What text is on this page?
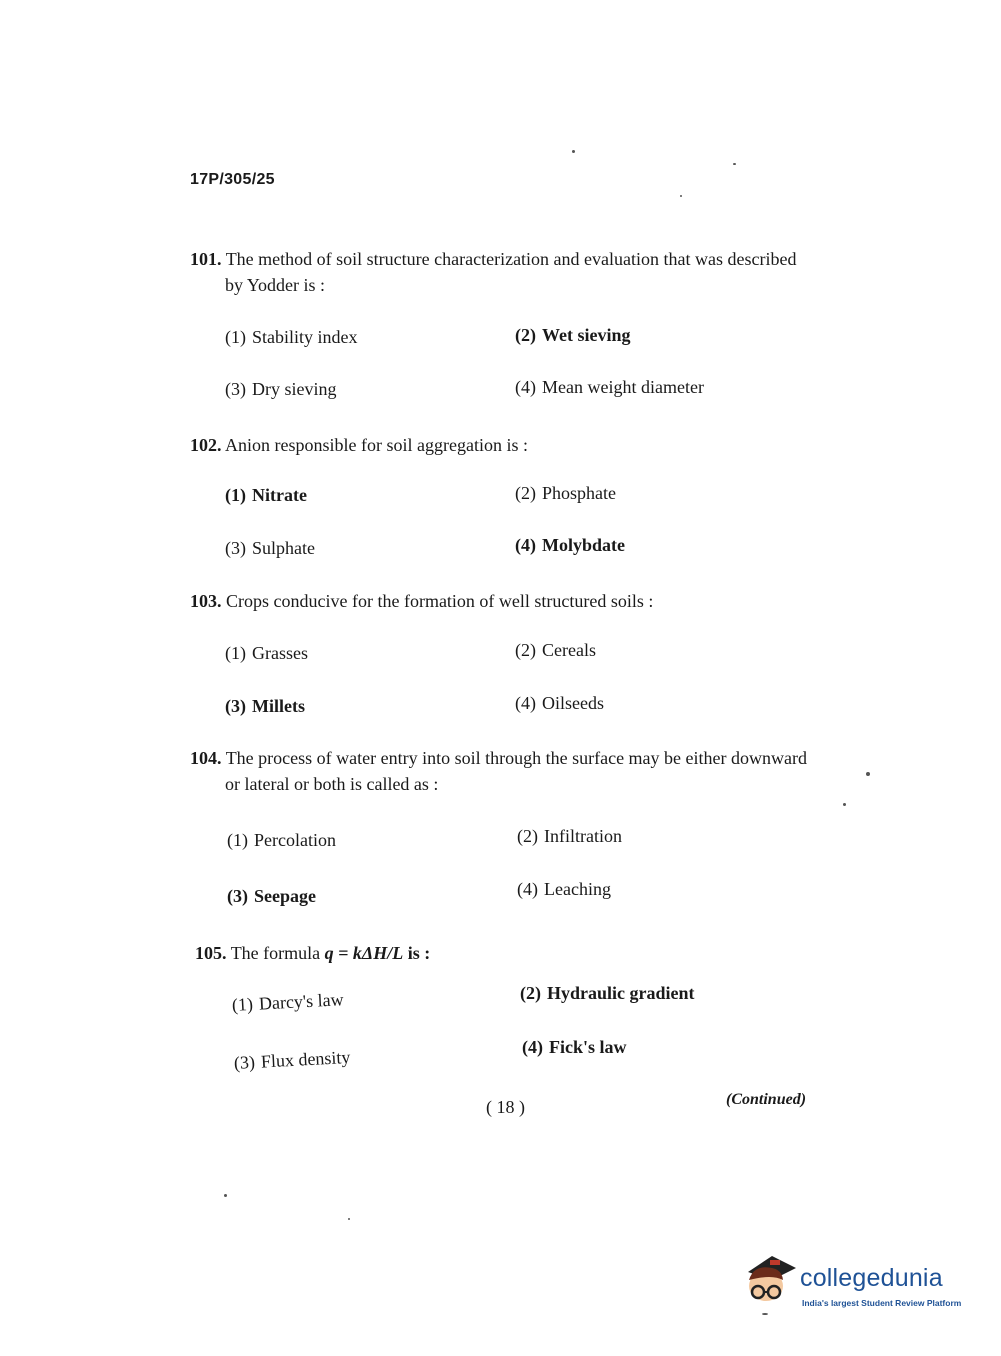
17P/305/25
101. The method of soil structure characterization and evaluation that was described
by Yodder is :
(1) Stability index	(2) Wet sieving
(3) Dry sieving	(4) Mean weight diameter
102. Anion responsible for soil aggregation is :
(1) Nitrate	(2) Phosphate
(3) Sulphate	(4) Molybdate
103. Crops conducive for the formation of well structured soils :
(1) Grasses	(2) Cereals
(3) Millets	(4) Oilseeds
104. The process of water entry into soil through the surface may be either downward
or lateral or both is called as :
(1) Percolation	(2) Infiltration
(3) Seepage	(4) Leaching
105. The formula q = kΔH/L is :
(1) Darcy's law	(2) Hydraulic gradient
(3) Flux density	(4) Fick's law
( 18 )	(Continued)
collegedunia
India's largest Student Review Platform
